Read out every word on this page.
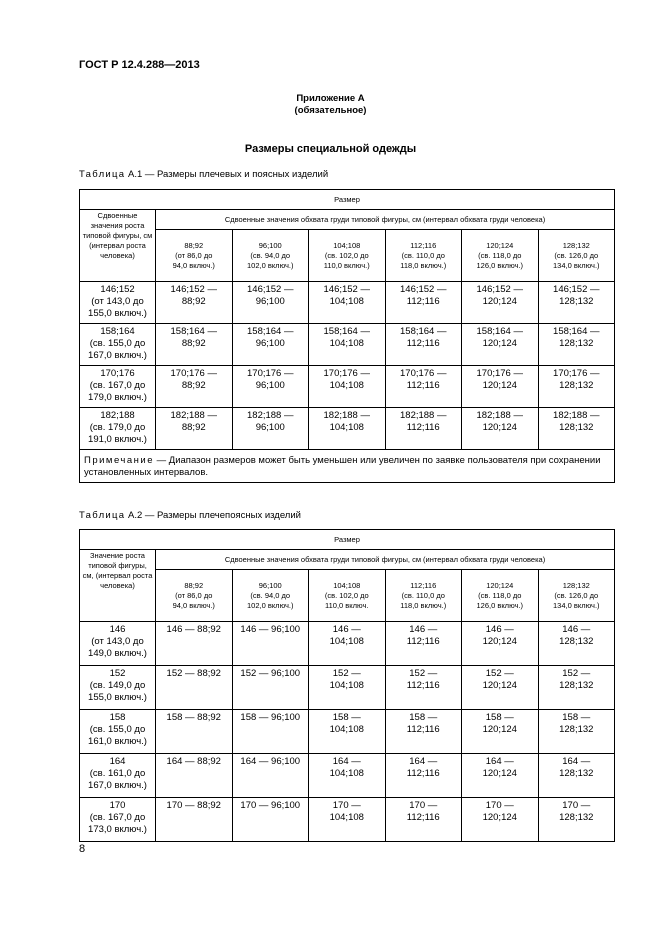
ГОСТ Р 12.4.288—2013

Приложение А

(обязательное)

Размеры специальной одежды

Таблица А.1 — Размеры плечевых и поясных изделий

Размер						
Сдвоенные значения роста типовой фигуры, см (интервал роста человека)	Сдвоенные значения обхвата груди типовой фигуры, см (интервал обхвата груди человека)					

	88;92
(от 86,0 до
94,0 включ.)	96;100
(св. 94,0 до
102,0 включ.)	104;108
(св. 102,0 до
110,0 включ.)	112;116
(св. 110,0 до
118,0 включ.)	120;124
(св. 118,0 до
126,0 включ.)	128;132
(св. 126,0 до
134,0 включ.)

146;152
(от 143,0 до
155,0 включ.)	146;152 —
88;92	146;152 —
96;100	146;152 —
104;108	146;152 —
112;116	146;152 —
120;124	146;152 —
128;132

158;164
(св. 155,0 до
167,0 включ.)	158;164 —
88;92	158;164 —
96;100	158;164 —
104;108	158;164 —
112;116	158;164 —
120;124	158;164 —
128;132

170;176
(св. 167,0 до
179,0 включ.)	170;176 —
88;92	170;176 —
96;100	170;176 —
104;108	170;176 —
112;116	170;176 —
120;124	170;176 —
128;132

182;188
(св. 179,0 до
191,0 включ.)	182;188 —
88;92	182;188 —
96;100	182;188 —
104;108	182;188 —
112;116	182;188 —
120;124	182;188 —
128;132

Примечание — Диапазон размеров может быть уменьшен или увеличен по заявке пользователя при сохранении установленных интервалов.						

Таблица А.2 — Размеры плечепоясных изделий

Размер						
Значение роста типовой фигуры, см, (интервал роста человека)	Сдвоенные значения обхвата груди типовой фигуры, см (интервал обхвата груди человека)					

	88;92
(от 86,0 до
94,0 включ.)	96;100
(св. 94,0 до
102,0 включ.)	104;108
(св. 102,0 до
110,0 включ.	112;116
(св. 110,0 до
118,0 включ.)	120;124
(св. 118,0 до
126,0 включ.)	128;132
(св. 126,0 до
134,0 включ.)

146
(от 143,0 до
149,0 включ.)	146 — 88;92	146 — 96;100	146 —
104;108	146 —
112;116	146 —
120;124	146 —
128;132

152
(св. 149,0 до
155,0 включ.)	152 — 88;92	152 — 96;100	152 —
104;108	152 —
112;116	152 —
120;124	152 —
128;132

158
(св. 155,0 до
161,0 включ.)	158 — 88;92	158 — 96;100	158 —
104;108	158 —
112;116	158 —
120;124	158 —
128;132

164
(св. 161,0 до
167,0 включ.)	164 — 88;92	164 — 96;100	164 —
104;108	164 —
112;116	164 —
120;124	164 —
128;132

170
(св. 167,0 до
173,0 включ.)	170 — 88;92	170 — 96;100	170 —
104;108	170 —
112;116	170 —
120;124	170 —
128;132

8
